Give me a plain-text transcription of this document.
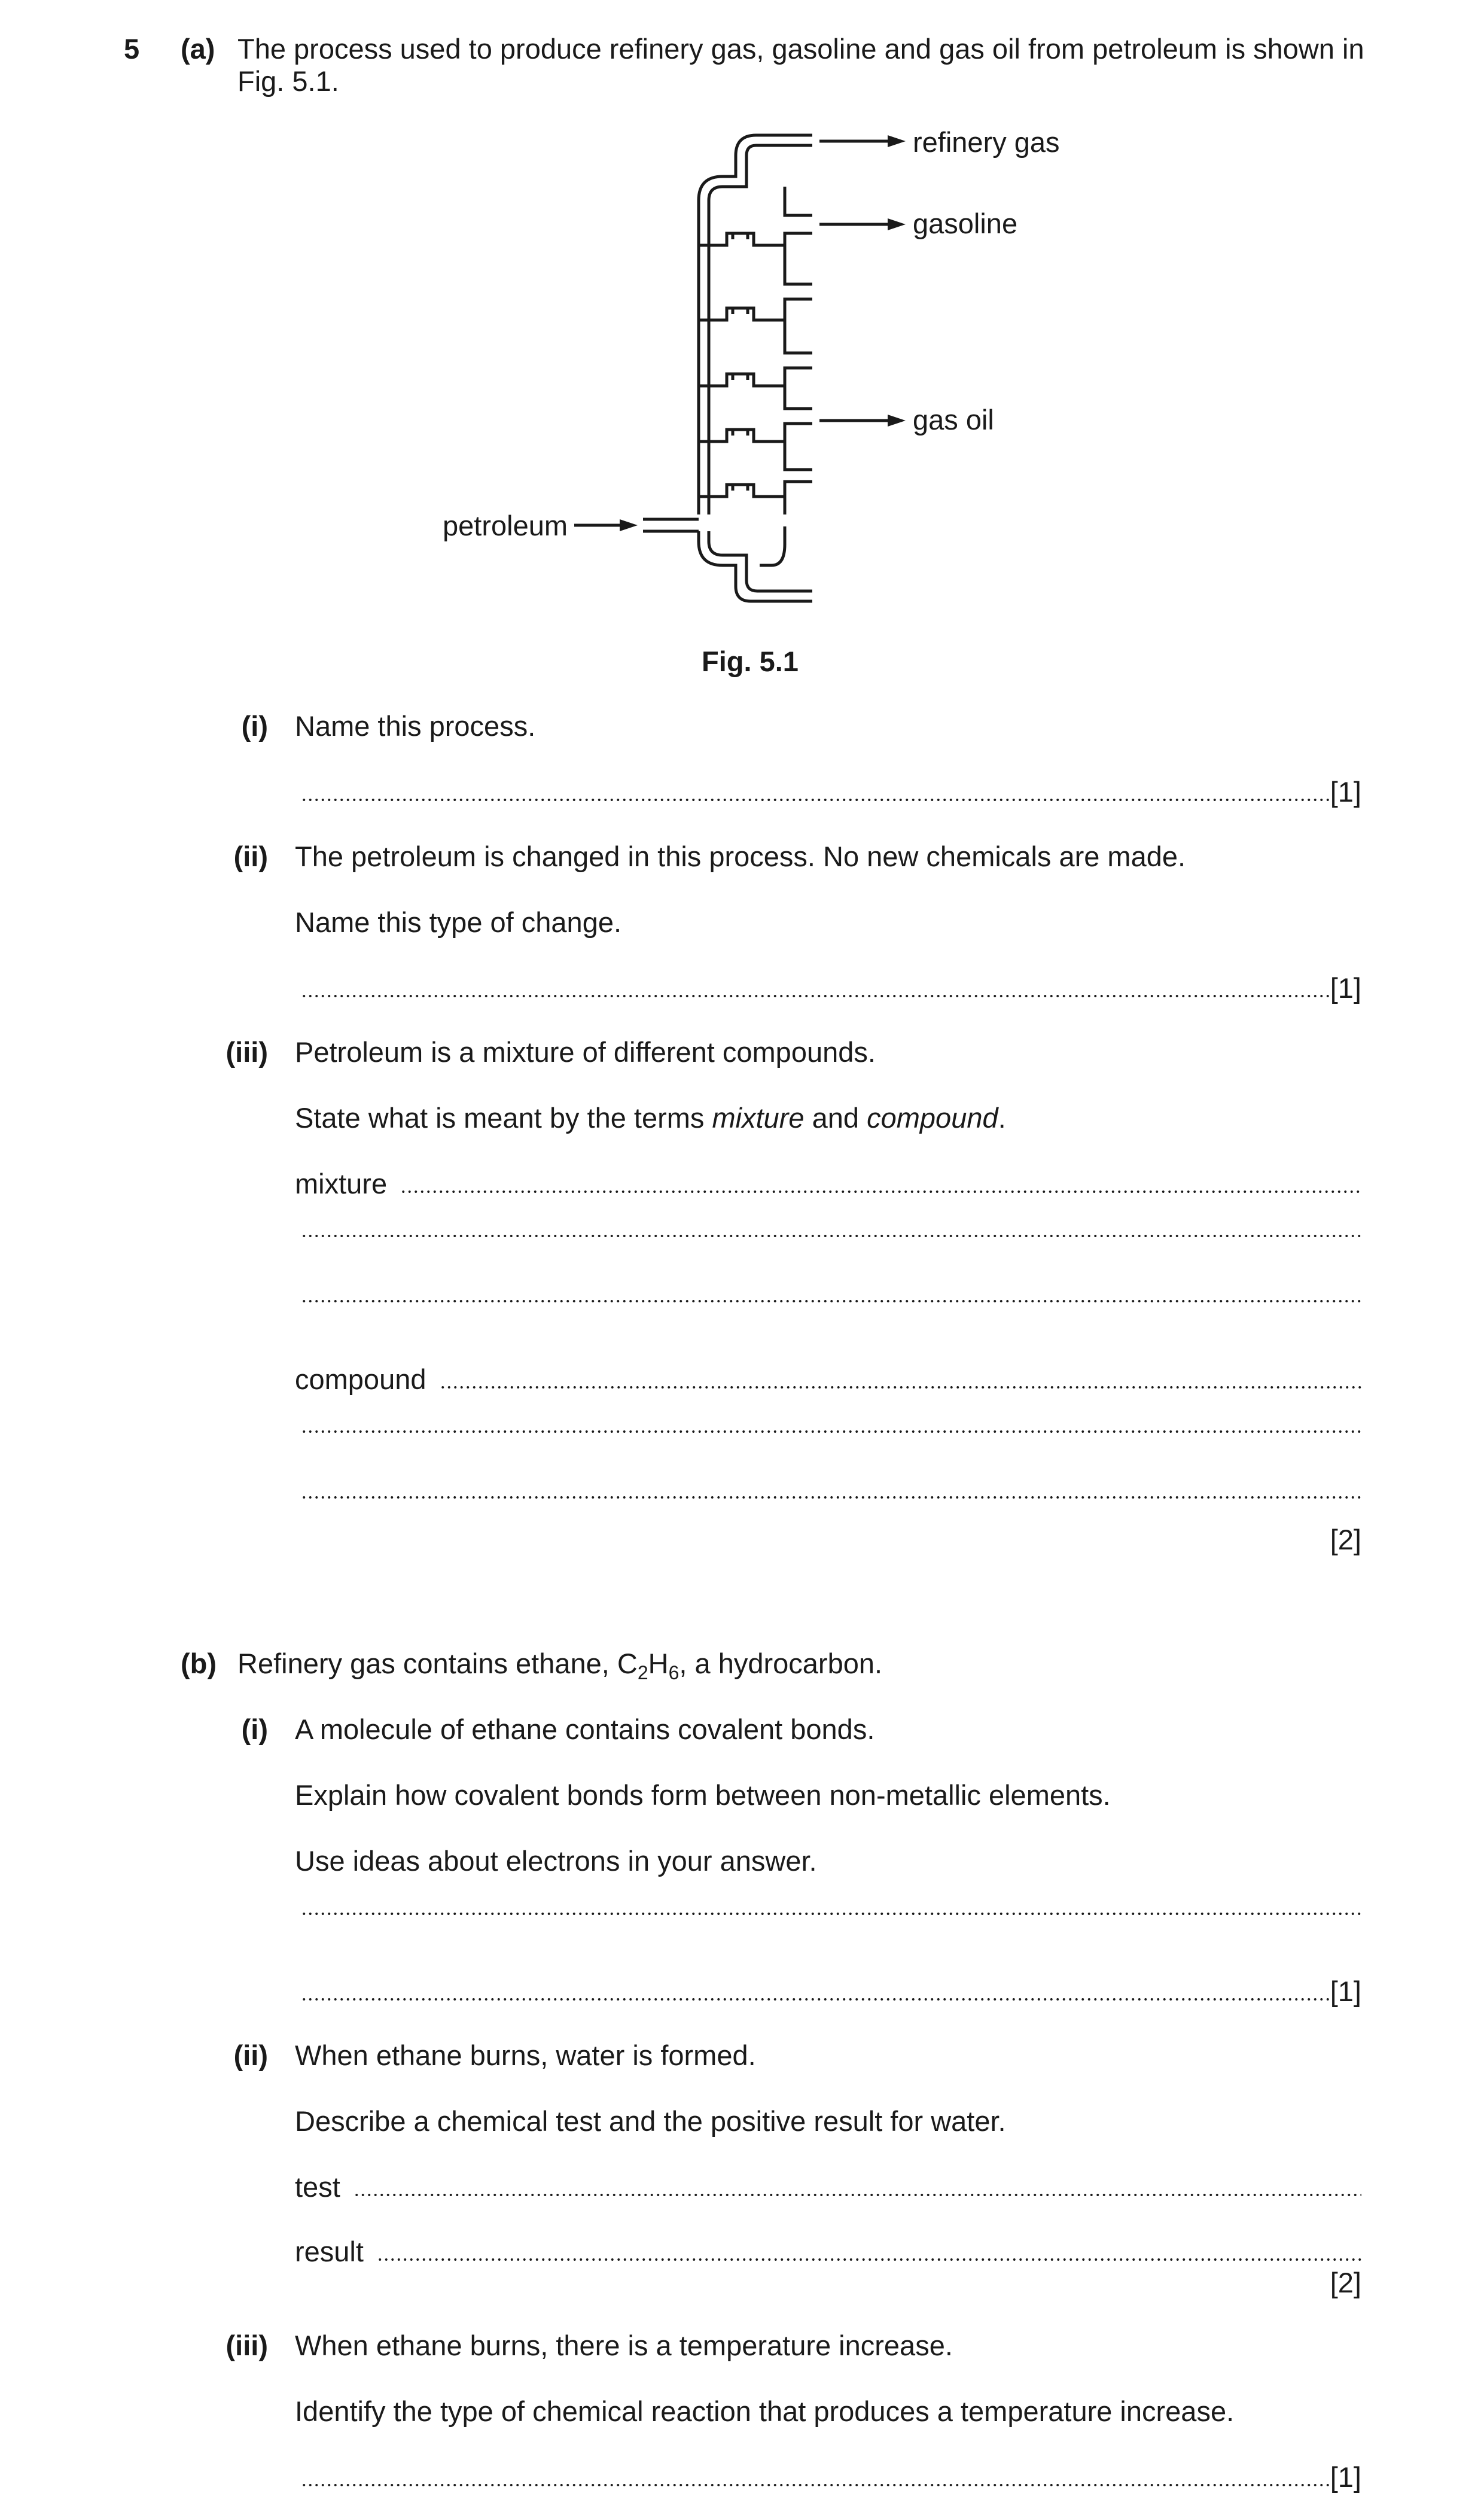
5 (a) The process used to produce refinery gas, gasoline and gas oil from petroleum is shown in
Fig. 5.1.
refinery gas
gasoline
gas oil
petroleum
Fig. 5.1
(i) Name this process.
[1]
(ii) The petroleum is changed in this process. No new chemicals are made.
Name this type of change.
[1]
(iii) Petroleum is a mixture of different compounds.
State what is meant by the terms mixture and compound.
mixture
compound
[2]
(b) Refinery gas contains ethane, $C_2H_6$, a hydrocarbon.
(i) A molecule of ethane contains covalent bonds.
Explain how covalent bonds form between non-metallic elements.
Use ideas about electrons in your answer.
[1]
(ii) When ethane burns, water is formed.
Describe a chemical test and the positive result for water.
test
result
[2]
(iii) When ethane burns, there is a temperature increase.
Identify the type of chemical reaction that produces a temperature increase.
[1]
